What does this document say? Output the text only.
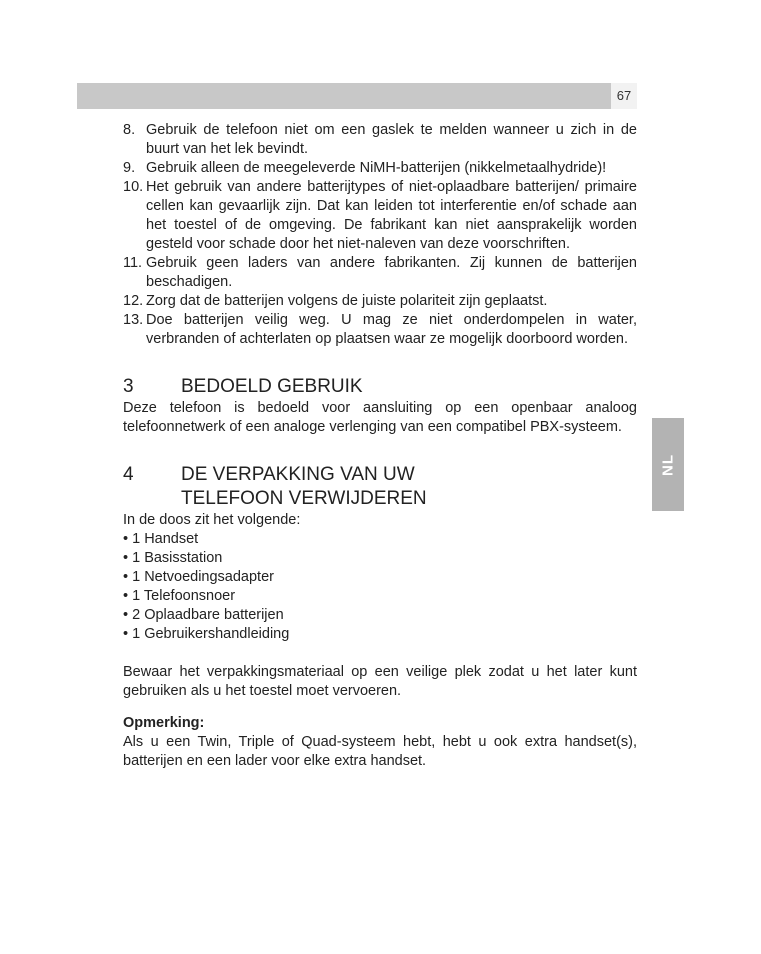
67
NL
8. Gebruik de telefoon niet om een gaslek te melden wanneer u zich in de buurt van het lek bevindt.
9. Gebruik alleen de meegeleverde NiMH-batterijen (nikkelmetaalhydride)!
10. Het gebruik van andere batterijtypes of niet-oplaadbare batterijen/ primaire cellen kan gevaarlijk zijn. Dat kan leiden tot interferentie en/of schade aan het toestel of de omgeving. De fabrikant kan niet aansprakelijk worden gesteld voor schade door het niet-naleven van deze voorschriften.
11. Gebruik geen laders van andere fabrikanten. Zij kunnen de batterijen beschadigen.
12. Zorg dat de batterijen volgens de juiste polariteit zijn geplaatst.
13. Doe batterijen veilig weg. U mag ze niet onderdompelen in water, verbranden of achterlaten op plaatsen waar ze mogelijk doorboord worden.
3	BEDOELD GEBRUIK

Deze telefoon is bedoeld voor aansluiting op een openbaar analoog telefoonnetwerk of een analoge verlenging van een compatibel PBX-systeem.

4	DE VERPAKKING VAN UW
TELEFOON VERWIJDEREN

In de doos zit het volgende:

• 1 Handset
• 1 Basisstation
• 1 Netvoedingsadapter
• 1 Telefoonsnoer
• 2 Oplaadbare batterijen
• 1 Gebruikershandleiding

Bewaar het verpakkingsmateriaal op een veilige plek zodat u het later kunt gebruiken als u het toestel moet vervoeren.

Opmerking:

Als u een Twin, Triple of Quad-systeem hebt, hebt u ook extra handset(s), batterijen en een lader voor elke extra handset.
